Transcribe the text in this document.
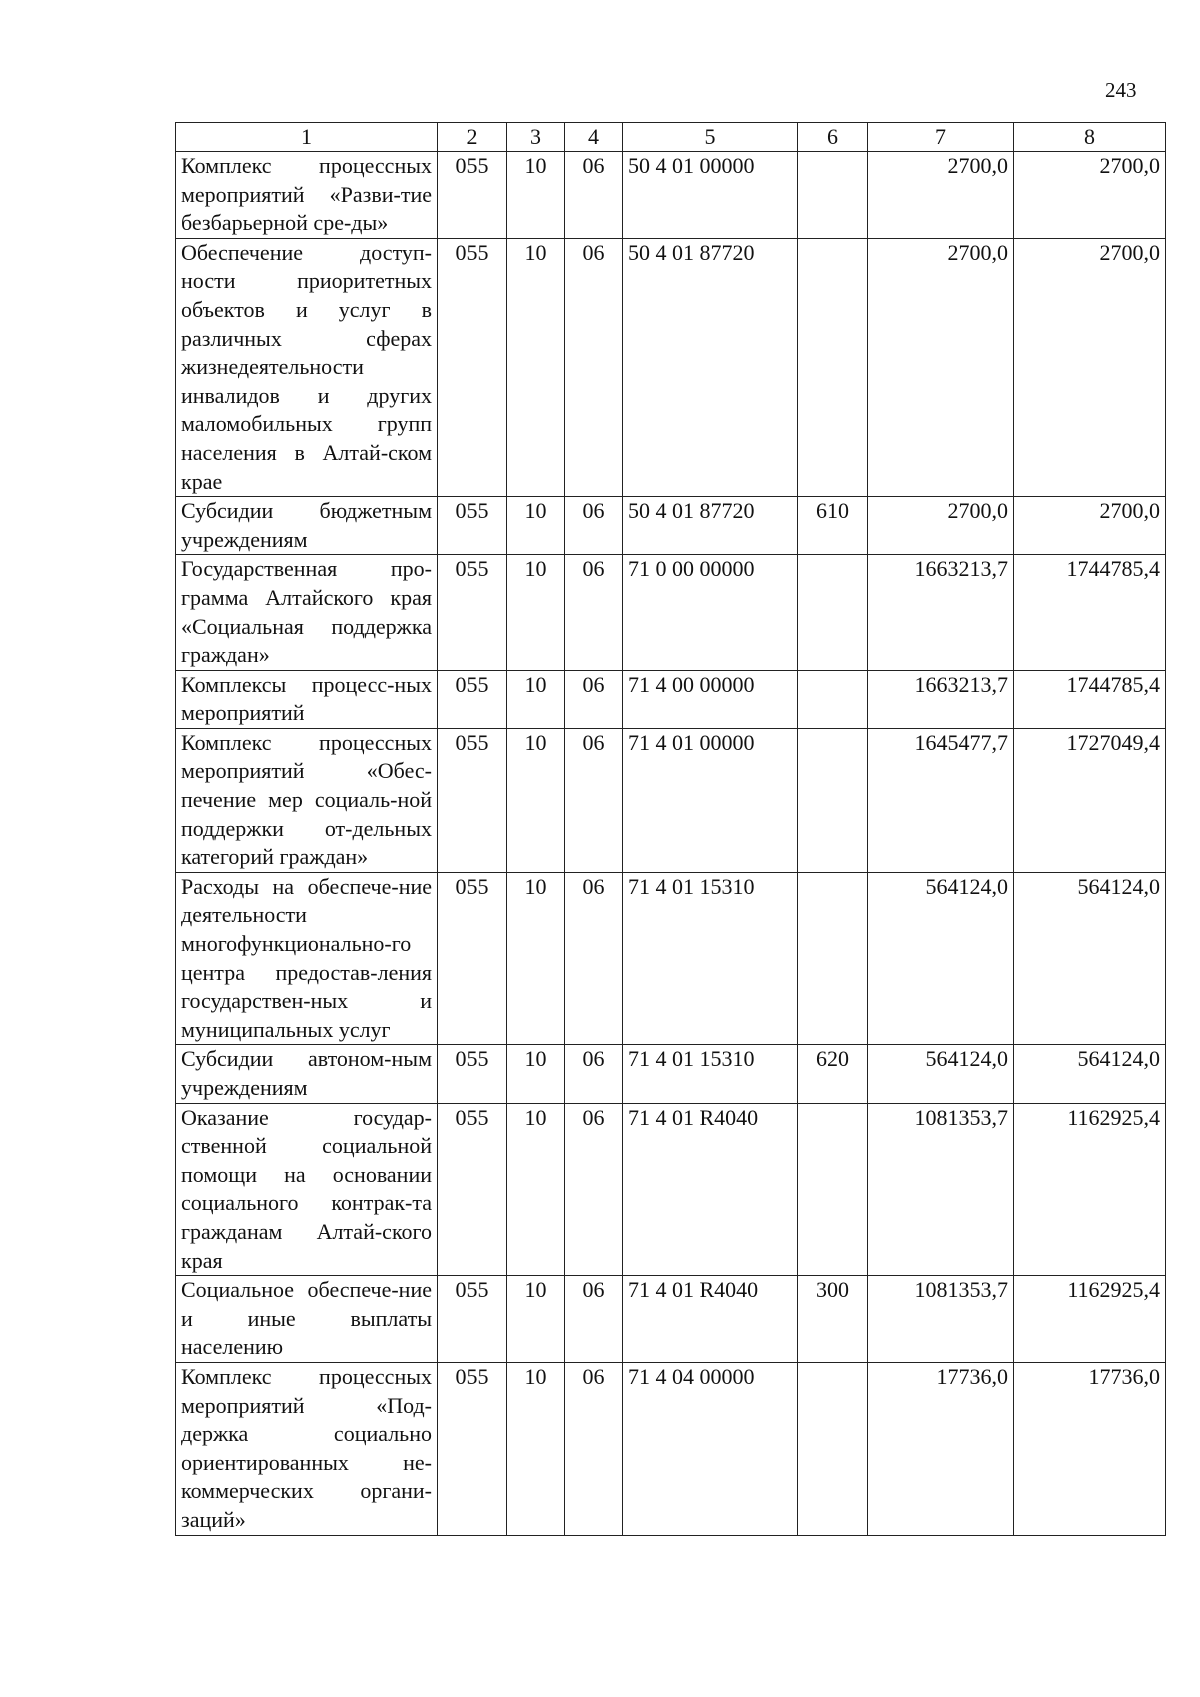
243
1	2	3	4	5	6	7	8
Комплекс процессных мероприятий «Разви-тие безбарьерной сре-ды»	055	10	06	50 4 01 00000		2700,0	2700,0
Обеспечение доступ-ности приоритетных объектов и услуг в различных сферах жизнедеятельности инвалидов и других маломобильных групп населения в Алтай-ском крае	055	10	06	50 4 01 87720		2700,0	2700,0
Субсидии бюджетным учреждениям	055	10	06	50 4 01 87720	610	2700,0	2700,0
Государственная про-грамма Алтайского края «Социальная поддержка граждан»	055	10	06	71 0 00 00000		1663213,7	1744785,4
Комплексы процесс-ных мероприятий	055	10	06	71 4 00 00000		1663213,7	1744785,4
Комплекс процессных мероприятий «Обес-печение мер социаль-ной поддержки от-дельных категорий граждан»	055	10	06	71 4 01 00000		1645477,7	1727049,4
Расходы на обеспече-ние деятельности многофункционально-го центра предостав-ления государствен-ных и муниципальных услуг	055	10	06	71 4 01 15310		564124,0	564124,0
Субсидии автоном-ным учреждениям	055	10	06	71 4 01 15310	620	564124,0	564124,0
Оказание государ-ственной социальной помощи на основании социального контрак-та гражданам Алтай-ского края	055	10	06	71 4 01 R4040		1081353,7	1162925,4
Социальное обеспече-ние и иные выплаты населению	055	10	06	71 4 01 R4040	300	1081353,7	1162925,4
Комплекс процессных мероприятий «Под-держка социально ориентированных не-коммерческих органи-заций»	055	10	06	71 4 04 00000		17736,0	17736,0
